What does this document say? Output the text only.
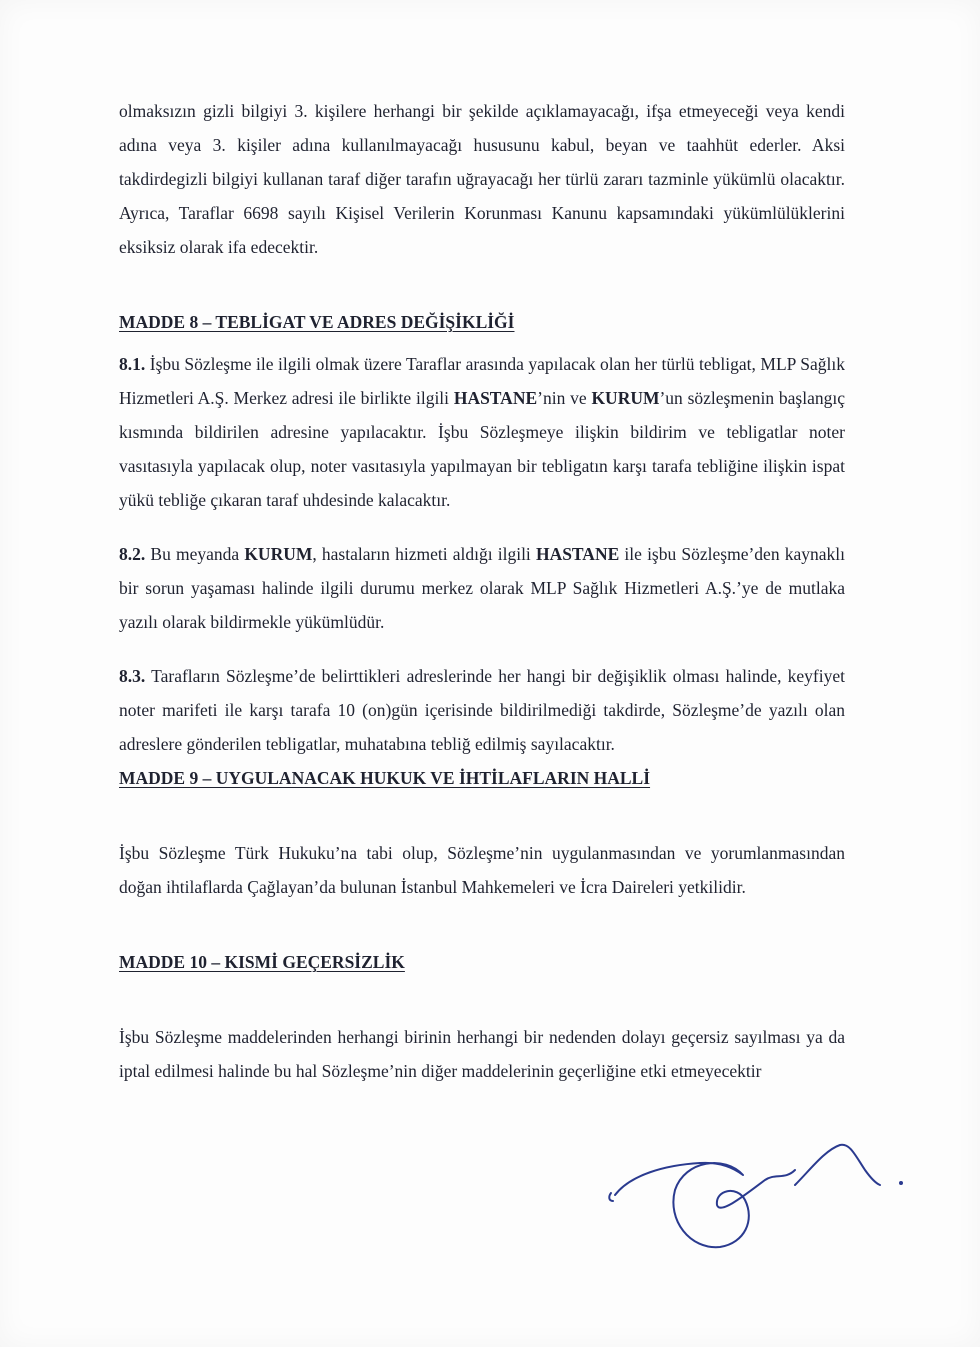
olmaksızın gizli bilgiyi 3. kişilere herhangi bir şekilde açıklamayacağı, ifşa etmeyeceği veya kendi adına veya 3. kişiler adına kullanılmayacağı hususunu kabul, beyan ve taahhüt ederler. Aksi takdirdegizli bilgiyi kullanan taraf diğer tarafın uğrayacağı her türlü zararı tazminle yükümlü olacaktır. Ayrıca, Taraflar 6698 sayılı Kişisel Verilerin Korunması Kanunu kapsamındaki yükümlülüklerini eksiksiz olarak ifa edecektir.

MADDE 8 – TEBLİGAT VE ADRES DEĞİŞİKLİĞİ

8.1. İşbu Sözleşme ile ilgili olmak üzere Taraflar arasında yapılacak olan her türlü tebligat, MLP Sağlık Hizmetleri A.Ş. Merkez adresi ile birlikte ilgili HASTANE’nin ve KURUM’un sözleşmenin başlangıç kısmında bildirilen adresine yapılacaktır. İşbu Sözleşmeye ilişkin bildirim ve tebligatlar noter vasıtasıyla yapılacak olup, noter vasıtasıyla yapılmayan bir tebligatın karşı tarafa tebliğine ilişkin ispat yükü tebliğe çıkaran taraf uhdesinde kalacaktır.

8.2. Bu meyanda KURUM, hastaların hizmeti aldığı ilgili HASTANE ile işbu Sözleşme’den kaynaklı bir sorun yaşaması halinde ilgili durumu merkez olarak MLP Sağlık Hizmetleri A.Ş.’ye de mutlaka yazılı olarak bildirmekle yükümlüdür.

8.3. Tarafların Sözleşme’de belirttikleri adreslerinde her hangi bir değişiklik olması halinde, keyfiyet noter marifeti ile karşı tarafa 10 (on)gün içerisinde bildirilmediği takdirde, Sözleşme’de yazılı olan adreslere gönderilen tebligatlar, muhatabına tebliğ edilmiş sayılacaktır.

MADDE 9 – UYGULANACAK HUKUK VE İHTİLAFLARIN HALLİ

İşbu Sözleşme Türk Hukuku’na tabi olup, Sözleşme’nin uygulanmasından ve yorumlanmasından doğan ihtilaflarda Çağlayan’da bulunan İstanbul Mahkemeleri ve İcra Daireleri yetkilidir.

MADDE 10 – KISMİ GEÇERSİZLİK

İşbu Sözleşme maddelerinden herhangi birinin herhangi bir nedenden dolayı geçersiz sayılması ya da iptal edilmesi halinde bu hal Sözleşme’nin diğer maddelerinin geçerliğine etki etmeyecektir
